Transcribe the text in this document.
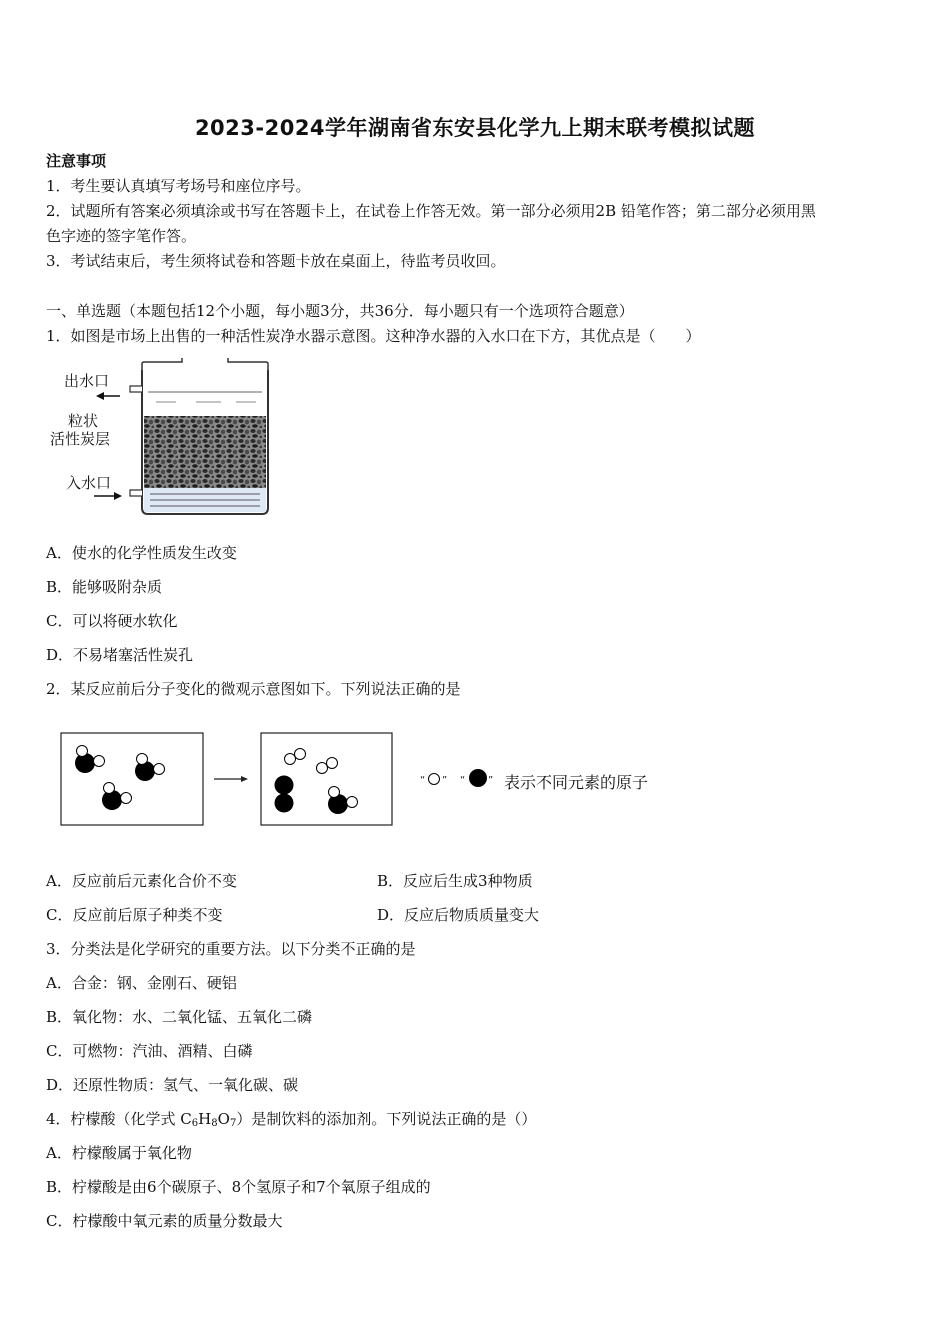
2023-2024学年湖南省东安县化学九上期末联考模拟试题
注意事项
1．考生要认真填写考场号和座位序号。
2．试题所有答案必须填涂或书写在答题卡上，在试卷上作答无效。第一部分必须用2B 铅笔作答；第二部分必须用黑
色字迹的签字笔作答。
3．考试结束后，考生须将试卷和答题卡放在桌面上，待监考员收回。
一、单选题（本题包括12个小题，每小题3分，共36分．每小题只有一个选项符合题意）
1．如图是市场上出售的一种活性炭净水器示意图。这种净水器的入水口在下方，其优点是（　　）
出水口
粒状
活性炭层
入水口
A．使水的化学性质发生改变
B．能够吸附杂质
C．可以将硬水软化
D．不易堵塞活性炭孔
2．某反应前后分子变化的微观示意图如下。下列说法正确的是
“ ” “ ” 表示不同元素的原子
A．反应前后元素化合价不变	B．反应后生成3种物质
C．反应前后原子种类不变	D．反应后物质质量变大
3．分类法是化学研究的重要方法。以下分类不正确的是
A．合金：钢、金刚石、硬铝
B．氧化物：水、二氧化锰、五氧化二磷
C．可燃物：汽油、酒精、白磷
D．还原性物质：氢气、一氧化碳、碳
4．柠檬酸（化学式 $C_6H_8O_7$）是制饮料的添加剂。下列说法正确的是（）
A．柠檬酸属于氧化物
B．柠檬酸是由6个碳原子、8个氢原子和7个氧原子组成的
C．柠檬酸中氧元素的质量分数最大
